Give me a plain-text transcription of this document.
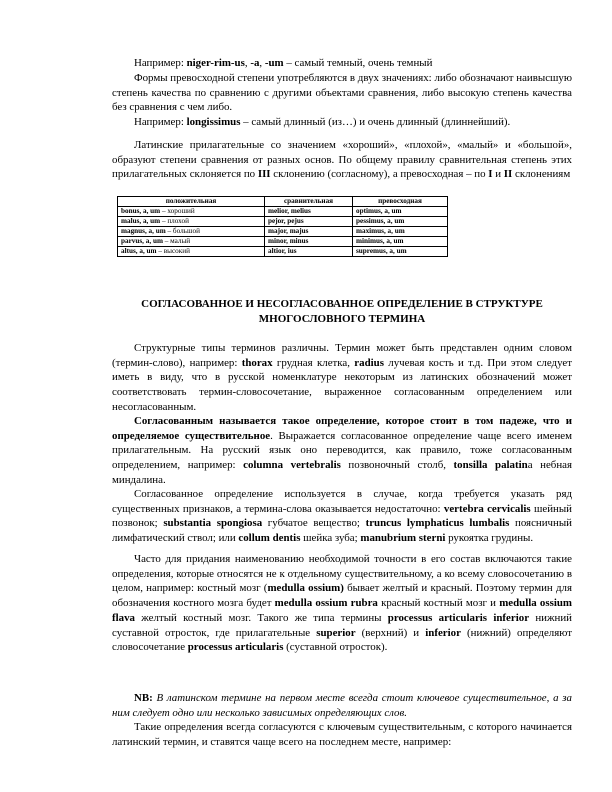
Например: niger-rim-us, -a, -um – самый темный, очень темный

Формы превосходной степени употребляются в двух значениях: либо обозначают наивысшую степень качества по сравнению с другими объектами сравнения, либо высокую степень качества без сравнения с чем либо.

Например: longissimus – самый длинный (из…) и очень длинный (длиннейший).

Латинские прилагательные со значением «хороший», «плохой», «малый» и «большой», образуют степени сравнения от разных основ. По общему правилу сравнительная степень этих прилагательных склоняется по III склонению (согласному), а превосходная – по I и II склонениям

положительная	сравнительная	превосходная
bonus, a, um – хороший	melior, melius	optimus, a, um
malus, a, um – плохой	pejor, pejus	pessimus, a, um
magnus, a, um – большой	major, majus	maximus, a, um
parvus, a, um – малый	minor, minus	minimus, a, um
altus, a, um – высокий	altior, ius	supremus, a, um
СОГЛАСОВАННОЕ И НЕСОГЛАСОВАННОЕ ОПРЕДЕЛЕНИЕ В СТРУКТУРЕ МНОГОСЛОВНОГО ТЕРМИНА

Структурные типы терминов различны. Термин может быть представлен одним словом (термин-слово), например: thorax грудная клетка, radius лучевая кость и т.д. При этом следует иметь в виду, что в русской номенклатуре некоторым из латинских обозначений может соответствовать термин-словосочетание, выраженное согласованным определением или несогласованным.

Согласованным называется такое определение, которое стоит в том падеже, что и определяемое существительное. Выражается согласованное определение чаще всего именем прилагательным. На русский язык оно переводится, как правило, тоже согласованным определением, например: columna vertebralis позвоночный столб, tonsilla palatina небная миндалина.

Согласованное определение используется в случае, когда требуется указать ряд существенных признаков, а термина-слова оказывается недостаточно: vertebra cervicalis шейный позвонок; substantia spongiosa губчатое вещество; truncus lymphaticus lumbalis поясничный лимфатический ствол; или collum dentis шейка зуба; manubrium sterni рукоятка грудины.

Часто для придания наименованию необходимой точности в его состав включаются такие определения, которые относятся не к отдельному существительному, а ко всему словосочетанию в целом, например: костный мозг (medulla ossium) бывает желтый и красный. Поэтому термин для обозначения костного мозга будет medulla ossium rubra красный костный мозг и medulla ossium flava желтый костный мозг. Такого же типа термины processus articularis inferior нижний суставной отросток, где прилагательные superior (верхний) и inferior (нижний) определяют словосочетание processus articularis (суставной отросток).

NB: В латинском термине на первом месте всегда стоит ключевое существительное, а за ним следует одно или несколько зависимых определяющих слов.

Такие определения всегда согласуются с ключевым существительным, с которого начинается латинский термин, и ставятся чаще всего на последнем месте, например:
